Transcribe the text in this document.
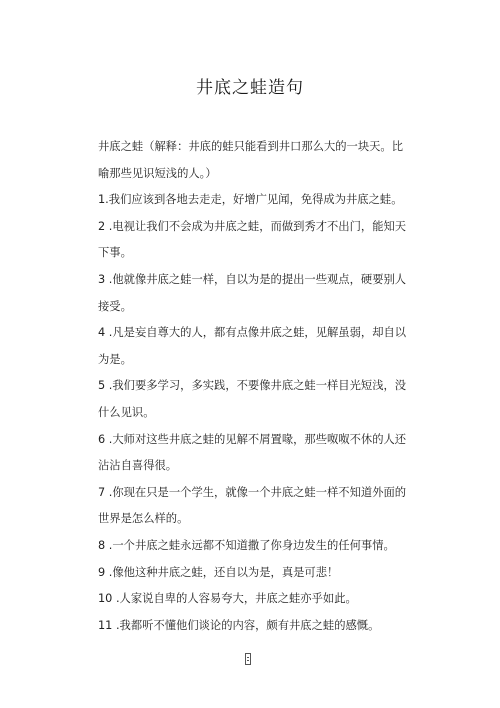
井底之蛙造句

井底之蛙（解释：井底的蛙只能看到井口那么大的一块天。比喻那些见识短浅的人。）

1.我们应该到各地去走走，好增广见闻，免得成为井底之蛙。

2 .电视让我们不会成为井底之蛙，而做到秀才不出门，能知天下事。

3 .他就像井底之蛙一样，自以为是的提出一些观点，硬要别人接受。

4 .凡是妄自尊大的人，都有点像井底之蛙，见解虽弱，却自以为是。

5 .我们要多学习，多实践，不要像井底之蛙一样目光短浅，没什么见识。

6 .大师对这些井底之蛙的见解不屑置喙，那些呶呶不休的人还沾沾自喜得很。

7 .你现在只是一个学生，就像一个井底之蛙一样不知道外面的世界是怎么样的。

8 .一个井底之蛙永远都不知道撒了你身边发生的任何事情。

9 .像他这种井底之蛙，还自以为是，真是可悲！

10 .人家说自卑的人容易夸大，井底之蛙亦乎如此。

11 .我都听不懂他们谈论的内容，颇有井底之蛙的感慨。
